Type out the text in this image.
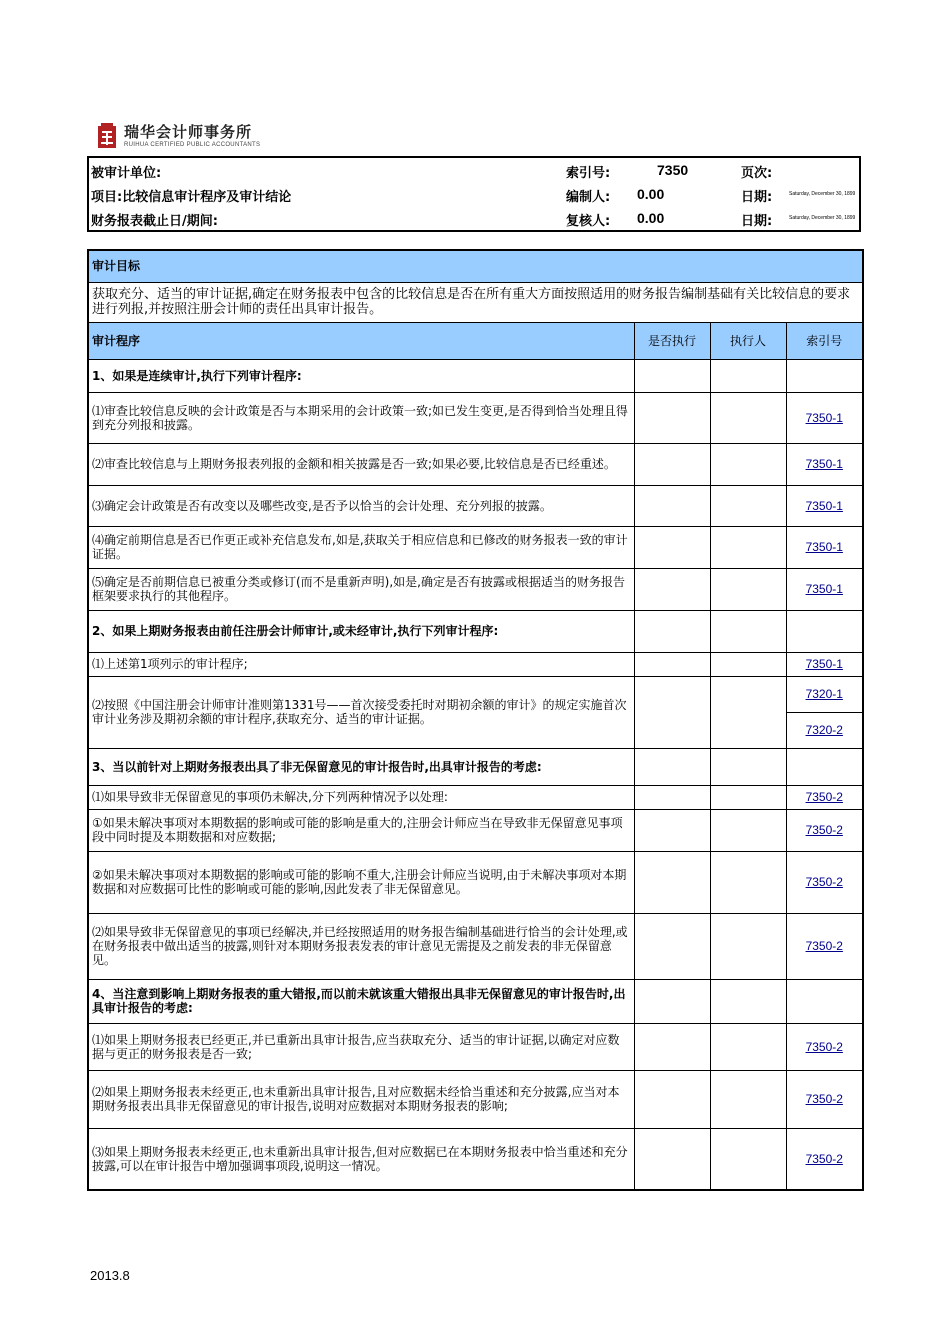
瑞华会计师事务所
RUIHUA CERTIFIED PUBLIC ACCOUNTANTS
被审计单位:	索引号:	7350	页次:
项目:比较信息审计程序及审计结论	编制人: 0.00	日期:	Saturday, December 30, 1899
财务报表截止日/期间:	复核人: 0.00	日期:	Saturday, December 30, 1899
审计目标			
获取充分、适当的审计证据,确定在财务报表中包含的比较信息是否在所有重大方面按照适用的财务报告编制基础有关比较信息的要求进行列报,并按照注册会计师的责任出具审计报告。			
审计程序	是否执行	执行人	索引号
1、如果是连续审计,执行下列审计程序:			
⑴审查比较信息反映的会计政策是否与本期采用的会计政策一致;如已发生变更,是否得到恰当处理且得到充分列报和披露。			7350-1
⑵审查比较信息与上期财务报表列报的金额和相关披露是否一致;如果必要,比较信息是否已经重述。			7350-1
⑶确定会计政策是否有改变以及哪些改变,是否予以恰当的会计处理、充分列报的披露。			7350-1
⑷确定前期信息是否已作更正或补充信息发布,如是,获取关于相应信息和已修改的财务报表一致的审计证据。			7350-1
⑸确定是否前期信息已被重分类或修订(而不是重新声明),如是,确定是否有披露或根据适当的财务报告框架要求执行的其他程序。			7350-1
2、如果上期财务报表由前任注册会计师审计,或未经审计,执行下列审计程序:			
⑴上述第1项列示的审计程序;			7350-1
⑵按照《中国注册会计师审计准则第1331号——首次接受委托时对期初余额的审计》的规定实施首次审计业务涉及期初余额的审计程序,获取充分、适当的审计证据。			7320-1
			7320-2
3、当以前针对上期财务报表出具了非无保留意见的审计报告时,出具审计报告的考虑:			
⑴如果导致非无保留意见的事项仍未解决,分下列两种情况予以处理:			7350-2
①如果未解决事项对本期数据的影响或可能的影响是重大的,注册会计师应当在导致非无保留意见事项段中同时提及本期数据和对应数据;			7350-2
②如果未解决事项对本期数据的影响或可能的影响不重大,注册会计师应当说明,由于未解决事项对本期数据和对应数据可比性的影响或可能的影响,因此发表了非无保留意见。			7350-2
⑵如果导致非无保留意见的事项已经解决,并已经按照适用的财务报告编制基础进行恰当的会计处理,或在财务报表中做出适当的披露,则针对本期财务报表发表的审计意见无需提及之前发表的非无保留意见。			7350-2
4、当注意到影响上期财务报表的重大错报,而以前未就该重大错报出具非无保留意见的审计报告时,出具审计报告的考虑:			
⑴如果上期财务报表已经更正,并已重新出具审计报告,应当获取充分、适当的审计证据,以确定对应数据与更正的财务报表是否一致;			7350-2
⑵如果上期财务报表未经更正,也未重新出具审计报告,且对应数据未经恰当重述和充分披露,应当对本期财务报表出具非无保留意见的审计报告,说明对应数据对本期财务报表的影响;			7350-2
⑶如果上期财务报表未经更正,也未重新出具审计报告,但对应数据已在本期财务报表中恰当重述和充分披露,可以在审计报告中增加强调事项段,说明这一情况。			7350-2
2013.8
